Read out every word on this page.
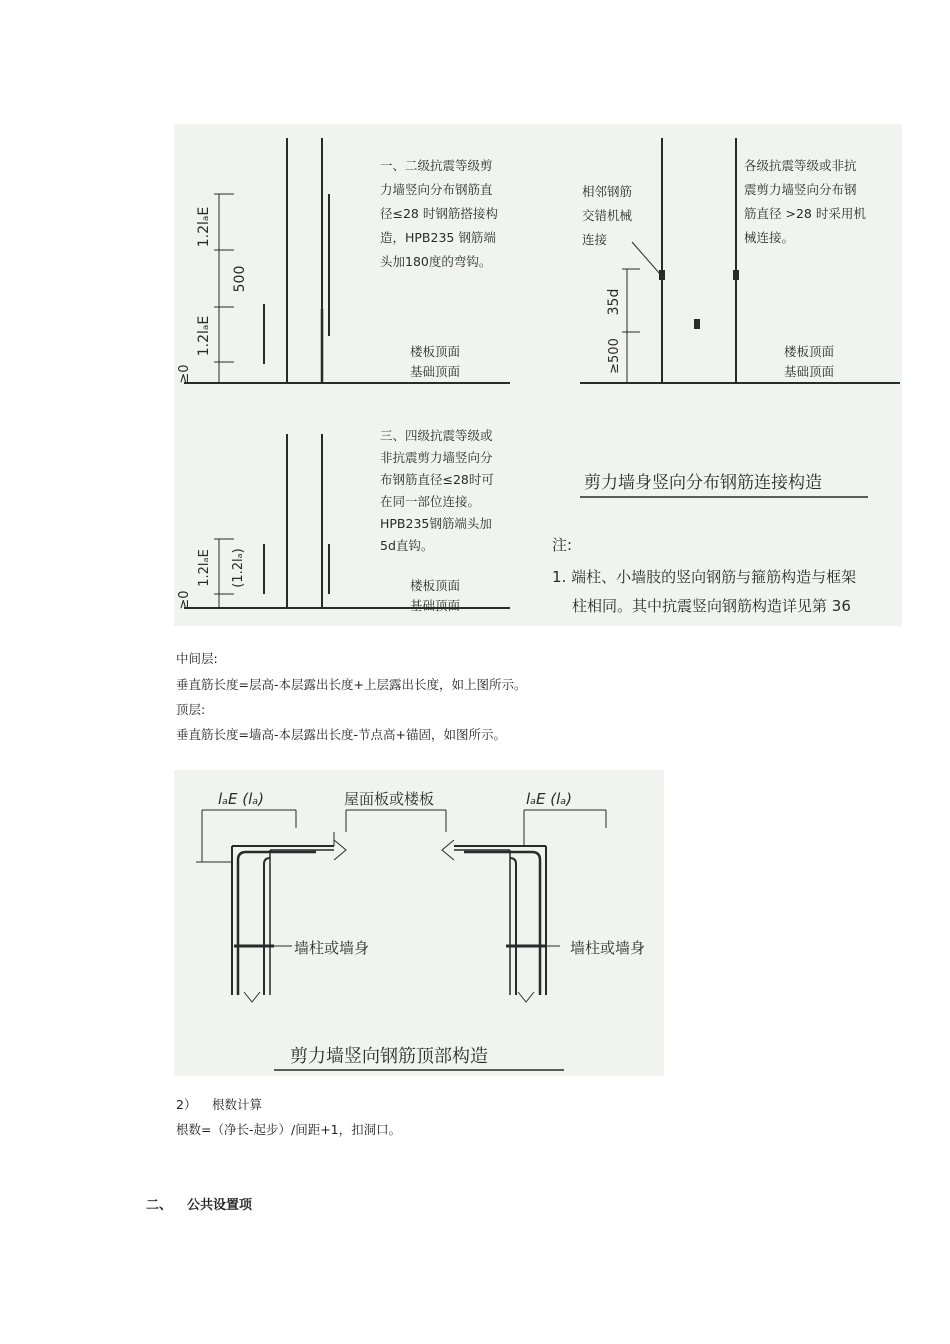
1.2lₐE
500
1.2lₐE
≥0
一、二级抗震等级剪 力墙竖向分布钢筋直 径≤28 时钢筋搭接构 造，HPB235 钢筋端 头加180度的弯钩。
楼板顶面
基础顶面
35d
≥500
相邻钢筋 交错机械 连接
各级抗震等级或非抗 震剪力墙竖向分布钢 筋直径 >28 时采用机 械连接。
楼板顶面
基础顶面
1.2lₐE (1.2lₐ)
≥0
三、四级抗震等级或 非抗震剪力墙竖向分 布钢筋直径≤28时可 在同一部位连接。 HPB235钢筋端头加 5d直钩。
楼板顶面
基础顶面
剪力墙身竖向分布钢筋连接构造
注:
1. 端柱、小墙肢的竖向钢筋与箍筋构造与框架
柱相同。其中抗震竖向钢筋构造详见第 36
中间层:
垂直筋长度=层高-本层露出长度+上层露出长度，如上图所示。
顶层:
垂直筋长度=墙高-本层露出长度-节点高+锚固，如图所示。
lₐE (lₐ)	lₐE (lₐ)
屋面板或楼板
墙柱或墙身	墙柱或墙身
剪力墙竖向钢筋顶部构造
2） 根数计算
根数=（净长-起步）/间距+1，扣洞口。
二、 公共设置项
